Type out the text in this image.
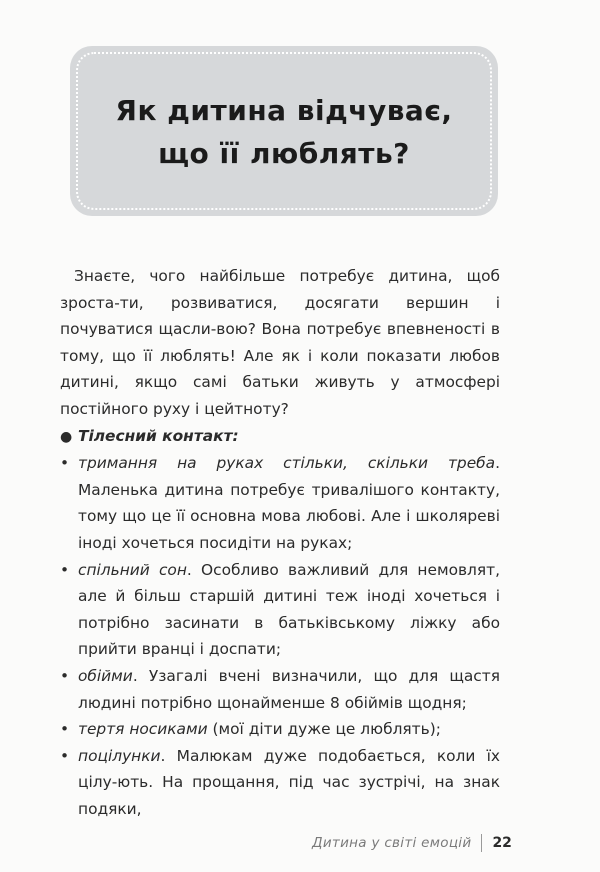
Як дитина відчуває,
що її люблять?

Знаєте, чого найбільше потребує дитина, щоб зроста-ти, розвиватися, досягати вершин і почуватися щасли-вою? Вона потребує впевненості в тому, що її люблять! Але як і коли показати любов дитині, якщо самі батьки живуть у атмосфері постійного руху і цейтноту?

● Тілесний контакт:
• тримання на руках стільки, скільки треба. Маленька дитина потребує тривалішого контакту, тому що це її основна мова любові. Але і школяреві іноді хочеться посидіти на руках;
• спільний сон. Особливо важливий для немовлят, але й більш старшій дитині теж іноді хочеться і потрібно засинати в батьківському ліжку або прийти вранці і доспати;
• обійми. Узагалі вчені визначили, що для щастя людині потрібно щонайменше 8 обіймів щодня;
• тертя носиками (мої діти дуже це люблять);
• поцілунки. Малюкам дуже подобається, коли їх цілу-ють. На прощання, під час зустрічі, на знак подяки,
Дитина у світі емоцій 22
